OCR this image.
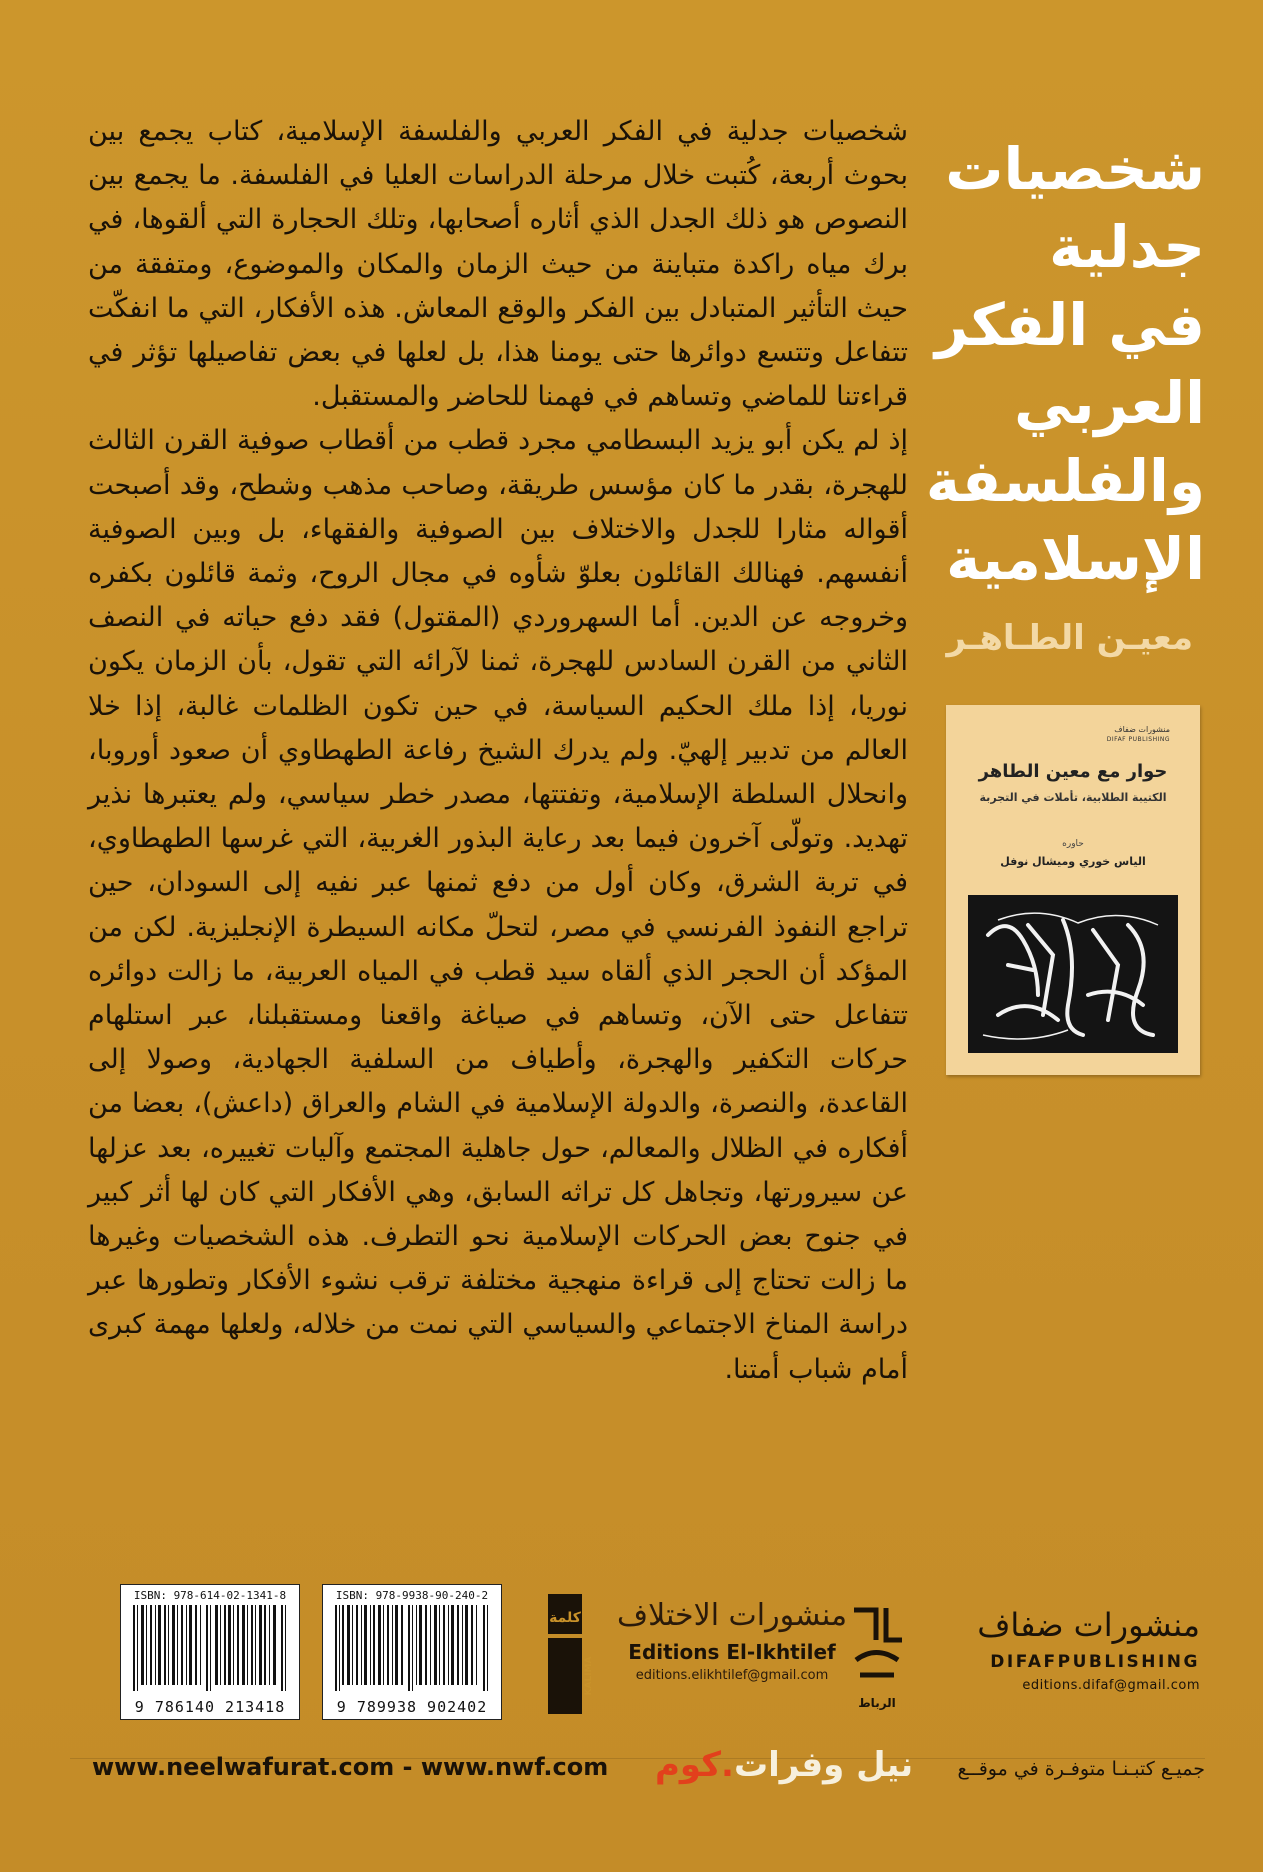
شخصيات جدلية في الفكر العربي والفلسفة الإسلامية، كتاب يجمع بين بحوث أربعة، كُتبت خلال مرحلة الدراسات العليا في الفلسفة. ما يجمع بين النصوص هو ذلك الجدل الذي أثاره أصحابها، وتلك الحجارة التي ألقوها، في برك مياه راكدة متباينة من حيث الزمان والمكان والموضوع، ومتفقة من حيث التأثير المتبادل بين الفكر والوقع المعاش. هذه الأفكار، التي ما انفكّت تتفاعل وتتسع دوائرها حتى يومنا هذا، بل لعلها في بعض تفاصيلها تؤثر في قراءتنا للماضي وتساهم في فهمنا للحاضر والمستقبل.

إذ لم يكن أبو يزيد البسطامي مجرد قطب من أقطاب صوفية القرن الثالث للهجرة، بقدر ما كان مؤسس طريقة، وصاحب مذهب وشطح، وقد أصبحت أقواله مثارا للجدل والاختلاف بين الصوفية والفقهاء، بل وبين الصوفية أنفسهم. فهنالك القائلون بعلوّ شأوه في مجال الروح، وثمة قائلون بكفره وخروجه عن الدين. أما السهروردي (المقتول) فقد دفع حياته في النصف الثاني من القرن السادس للهجرة، ثمنا لآرائه التي تقول، بأن الزمان يكون نوريا، إذا ملك الحكيم السياسة، في حين تكون الظلمات غالبة، إذا خلا العالم من تدبير إلهيّ. ولم يدرك الشيخ رفاعة الطهطاوي أن صعود أوروبا، وانحلال السلطة الإسلامية، وتفتتها، مصدر خطر سياسي، ولم يعتبرها نذير تهديد. وتولّى آخرون فيما بعد رعاية البذور الغربية، التي غرسها الطهطاوي، في تربة الشرق، وكان أول من دفع ثمنها عبر نفيه إلى السودان، حين تراجع النفوذ الفرنسي في مصر، لتحلّ مكانه السيطرة الإنجليزية. لكن من المؤكد أن الحجر الذي ألقاه سيد قطب في المياه العربية، ما زالت دوائره تتفاعل حتى الآن، وتساهم في صياغة واقعنا ومستقبلنا، عبر استلهام حركات التكفير والهجرة، وأطياف من السلفية الجهادية، وصولا إلى القاعدة، والنصرة، والدولة الإسلامية في الشام والعراق (داعش)، بعضا من أفكاره في الظلال والمعالم، حول جاهلية المجتمع وآليات تغييره، بعد عزلها عن سيرورتها، وتجاهل كل تراثه السابق، وهي الأفكار التي كان لها أثر كبير في جنوح بعض الحركات الإسلامية نحو التطرف. هذه الشخصيات وغيرها ما زالت تحتاج إلى قراءة منهجية مختلفة ترقب نشوء الأفكار وتطورها عبر دراسة المناخ الاجتماعي والسياسي التي نمت من خلاله، ولعلها مهمة كبرى أمام شباب أمتنا.

شخصيات
جدلية
في الفكر
العربي
والفلسفة
الإسلامية
معيـن الطـاهـر
منشورات ضفاف
DIFAF PUBLISHING
حوار مع معين الطاهر
الكتيبة الطلابية، تأملات في التجربة
حاوره
الياس خوري وميشال نوفل
ISBN: 978-614-02-1341-8
9 786140 213418
ISBN: 978-9938-90-240-2
9 789938 902402
كلمة
KALIMA
منشورات الاختلاف
Editions El-Ikhtilef
editions.elikhtilef@gmail.com
الرباط
منشورات ضفاف
DIFAFPUBLISHING
editions.difaf@gmail.com
www.neelwafurat.com - www.nwf.com	نيل وفرات.كوم	جميـع كتبـنـا متوفـرة في موقــع
